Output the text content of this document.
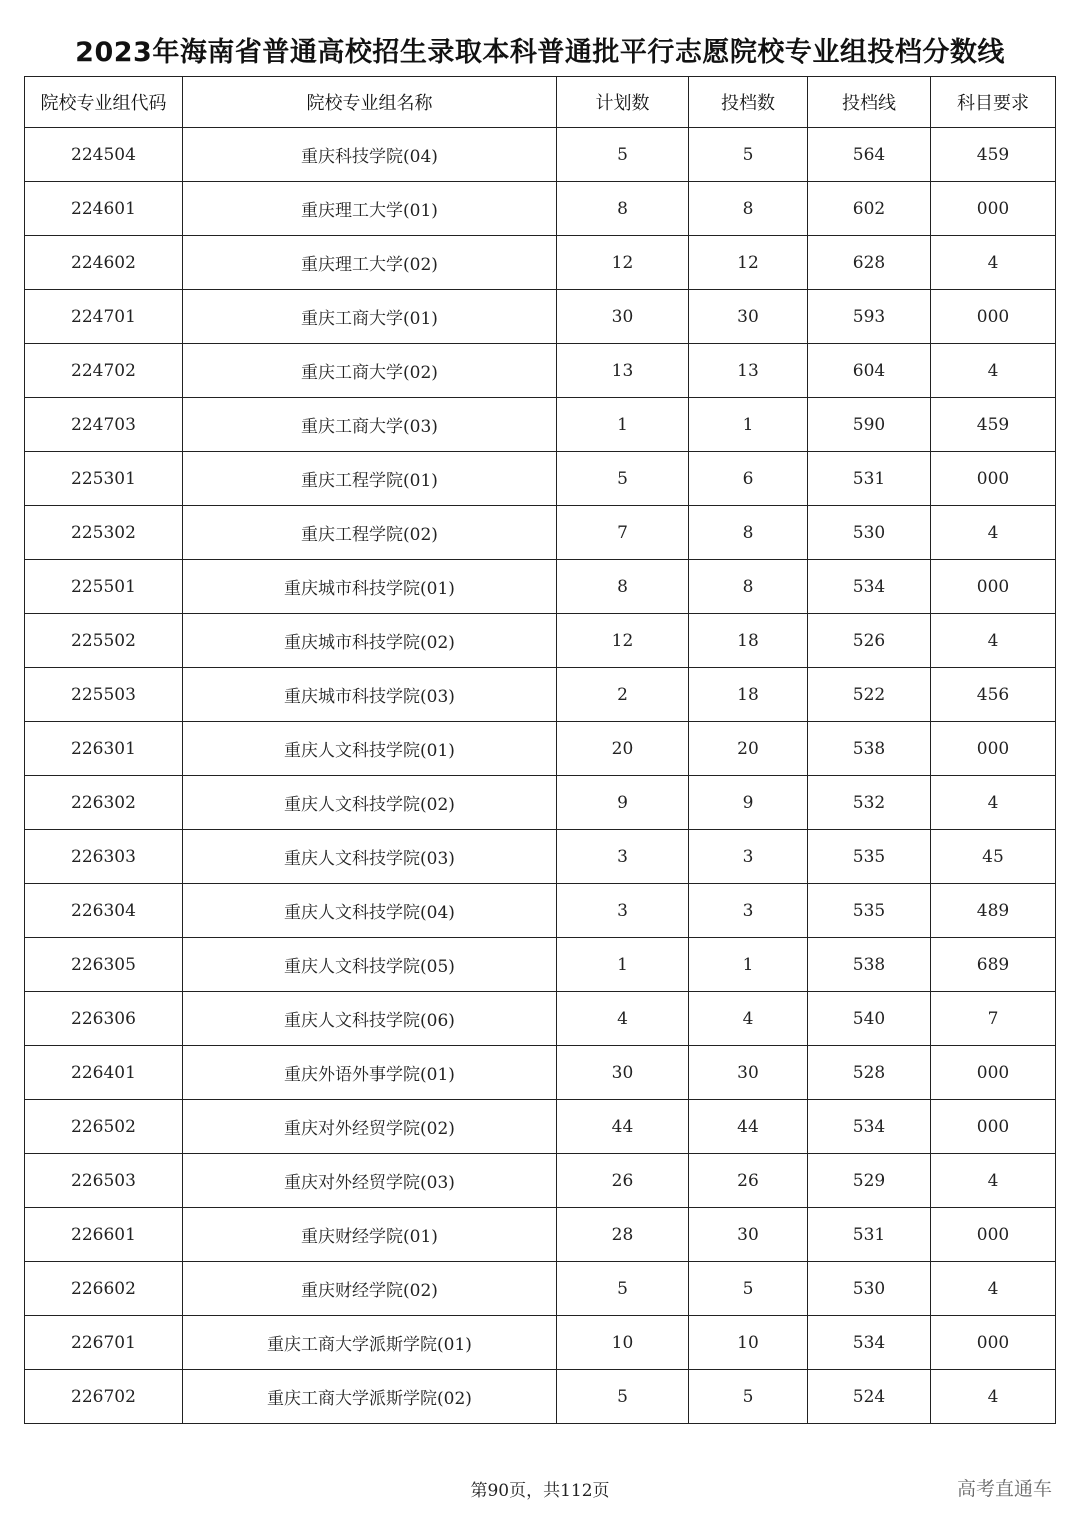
2023年海南省普通高校招生录取本科普通批平行志愿院校专业组投档分数线
院校专业组代码	院校专业组名称	计划数	投档数	投档线	科目要求
224504	重庆科技学院(04)	5	5	564	459
224601	重庆理工大学(01)	8	8	602	000
224602	重庆理工大学(02)	12	12	628	4
224701	重庆工商大学(01)	30	30	593	000
224702	重庆工商大学(02)	13	13	604	4
224703	重庆工商大学(03)	1	1	590	459
225301	重庆工程学院(01)	5	6	531	000
225302	重庆工程学院(02)	7	8	530	4
225501	重庆城市科技学院(01)	8	8	534	000
225502	重庆城市科技学院(02)	12	18	526	4
225503	重庆城市科技学院(03)	2	18	522	456
226301	重庆人文科技学院(01)	20	20	538	000
226302	重庆人文科技学院(02)	9	9	532	4
226303	重庆人文科技学院(03)	3	3	535	45
226304	重庆人文科技学院(04)	3	3	535	489
226305	重庆人文科技学院(05)	1	1	538	689
226306	重庆人文科技学院(06)	4	4	540	7
226401	重庆外语外事学院(01)	30	30	528	000
226502	重庆对外经贸学院(02)	44	44	534	000
226503	重庆对外经贸学院(03)	26	26	529	4
226601	重庆财经学院(01)	28	30	531	000
226602	重庆财经学院(02)	5	5	530	4
226701	重庆工商大学派斯学院(01)	10	10	534	000
226702	重庆工商大学派斯学院(02)	5	5	524	4
第90页，共112页	高考直通车
